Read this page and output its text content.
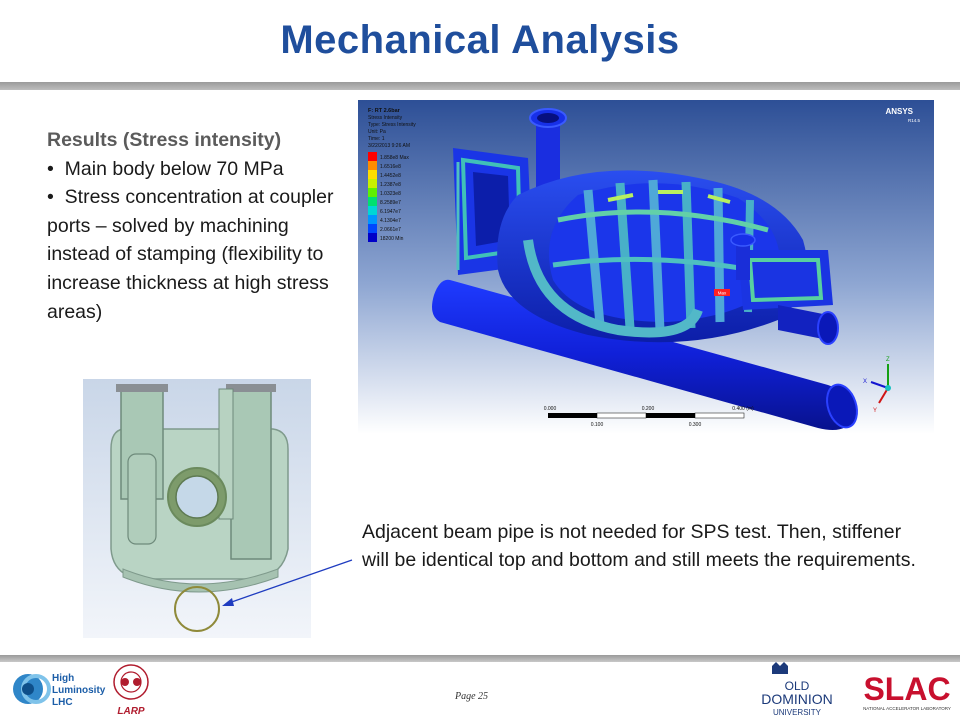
Mechanical Analysis
Results (Stress intensity)
•  Main body below 70 MPa
•  Stress concentration at coupler ports – solved by machining instead of stamping (flexibility to increase thickness at high stress areas)
F: RT 2.6bar
Stress Intensity
Type: Stress Intensity
Unit: Pa
Time: 1
3/22/2013 9:26 AM
1.858e8 Max
1.6516e8
1.4452e8
1.2387e8
1.0323e8
8.2589e7
6.1947e7
4.1304e7
2.0661e7
18200 Min
ANSYS
R14.5
Max
0.000	0.200	0.400 (m)
0.100	0.300
X
Y
Z
Adjacent beam pipe is not needed for SPS test. Then, stiffener will be identical top and bottom and still meets the requirements.
Page 25
High
Luminosity
LHC
LARP
OLD
DOMINION
UNIVERSITY
SLAC
NATIONAL ACCELERATOR LABORATORY
